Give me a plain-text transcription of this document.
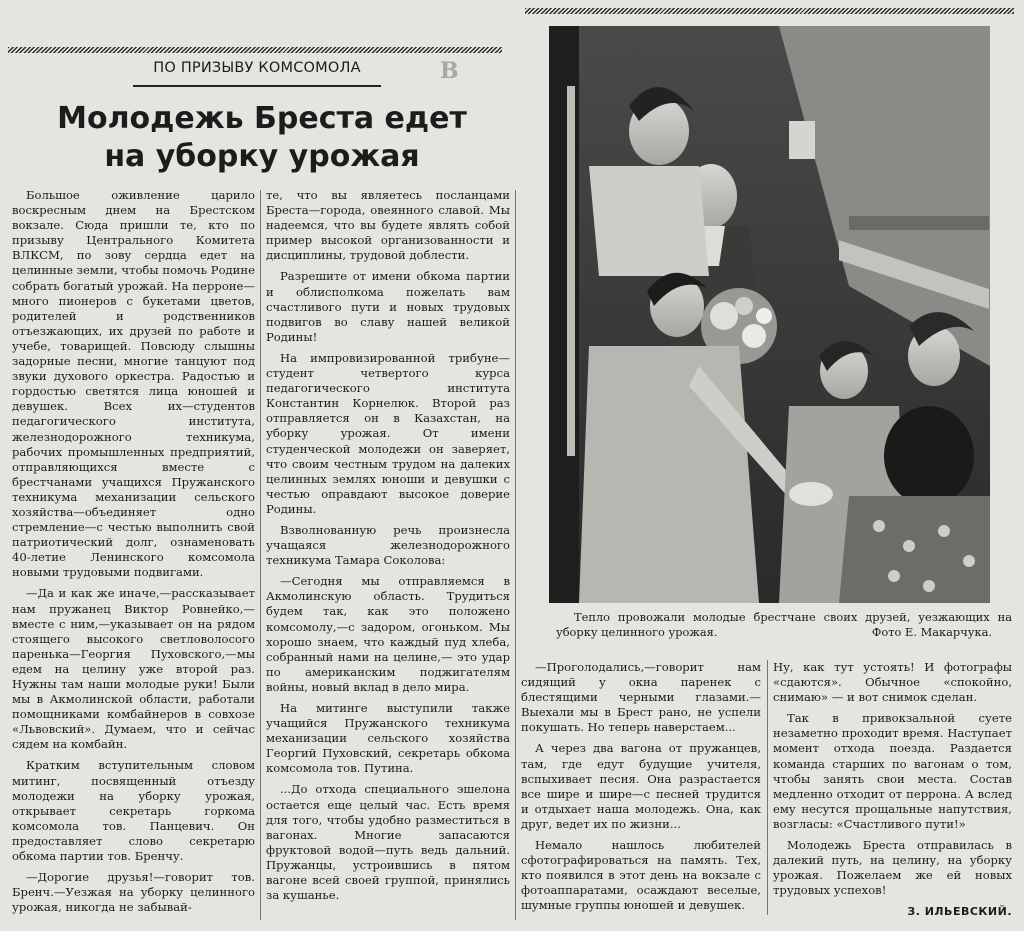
В
ПО ПРИЗЫВУ КОМСОМОЛА
Молодежь Бреста едет
на уборку урожая

Большое оживление царило воскресным днем на Брестском вокзале. Сюда пришли те, кто по призыву Центрального Комитета ВЛКСМ, по зову сердца едет на целинные земли, чтобы помочь Родине собрать богатый урожай. На перроне—много пионеров с букетами цветов, родителей и родственников отъезжающих, их друзей по работе и учебе, товарищей. Повсюду слышны задорные песни, многие танцуют под звуки духового оркестра. Радостью и гордостью светятся лица юношей и девушек. Всех их—студентов педагогического института, железнодорожного техникума, рабочих промышленных предприятий, отправляющихся вместе с брестчанами учащихся Пружанского техникума механизации сельского хозяйства—объединяет одно стремление—с честью выполнить свой патриотический долг, ознаменовать 40-летие Ленинского комсомола новыми трудовыми подвигами.

—Да и как же иначе,—рассказывает нам пружанец Виктор Ровнейко,—вместе с ним,—указывает он на рядом стоящего высокого светловолосого паренька—Георгия Пуховского,—мы едем на целину уже второй раз. Нужны там наши молодые руки! Были мы в Акмолинской области, работали помощниками комбайнеров в совхозе «Львовский». Думаем, что и сейчас сядем на комбайн.

Кратким вступительным словом митинг, посвященный отъезду молодежи на уборку урожая, открывает секретарь горкома комсомола тов. Панцевич. Он предоставляет слово секретарю обкома партии тов. Бренчу.

—Дорогие друзья!—говорит тов. Бренч.—Уезжая на уборку целинного урожая, никогда не забывай-

те, что вы являетесь посланцами Бреста—города, овеянного славой. Мы надеемся, что вы будете являть собой пример высокой организованности и дисциплины, трудовой доблести.

Разрешите от имени обкома партии и облисполкома пожелать вам счастливого пути и новых трудовых подвигов во славу нашей великой Родины!

На импровизированной трибуне—студент четвертого курса педагогического института Константин Корнелюк. Второй раз отправляется он в Казахстан, на уборку урожая. От имени студенческой молодежи он заверяет, что своим честным трудом на далеких целинных землях юноши и девушки с честью оправдают высокое доверие Родины.

Взволнованную речь произнесла учащаяся железнодорожного техникума Тамара Соколова:

—Сегодня мы отправляемся в Акмолинскую область. Трудиться будем так, как это положено комсомолу,—с задором, огоньком. Мы хорошо знаем, что каждый пуд хлеба, собранный нами на целине,— это удар по американским поджигателям войны, новый вклад в дело мира.

На митинге выступили также учащийся Пружанского техникума механизации сельского хозяйства Георгий Пуховский, секретарь обкома комсомола тов. Путина.

...До отхода специального эшелона остается еще целый час. Есть время для того, чтобы удобно разместиться в вагонах. Многие запасаются фруктовой водой—путь ведь дальний. Пружанцы, устроившись в пятом вагоне всей своей группой, принялись за кушанье.

Тепло провожали молодые брестчане своих друзей, уезжающих на уборку целинного урожая.	Фото Е. Макарчука.

—Проголодались,—говорит нам сидящий у окна паренек с блестящими черными глазами.— Выехали мы в Брест рано, не успели покушать. Но теперь наверстаем...

А через два вагона от пружанцев, там, где едут будущие учителя, вспыхивает песня. Она разрастается все шире и шире—с песней трудится и отдыхает наша молодежь. Она, как друг, ведет их по жизни...

Немало нашлось любителей сфотографироваться на память. Тех, кто появился в этот день на вокзале с фотоаппаратами, осаждают веселые, шумные группы юношей и девушек.

Ну, как тут устоять! И фотографы «сдаются». Обычное «спокойно, снимаю» — и вот снимок сделан.

Так в привокзальной суете незаметно проходит время. Наступает момент отхода поезда. Раздается команда старших по вагонам о том, чтобы занять свои места. Состав медленно отходит от перрона. А вслед ему несутся прощальные напутствия, возгласы: «Счастливого пути!»

Молодежь Бреста отправилась в далекий путь, на целину, на уборку урожая. Пожелаем же ей новых трудовых успехов!

З. ИЛЬЕВСКИЙ.
